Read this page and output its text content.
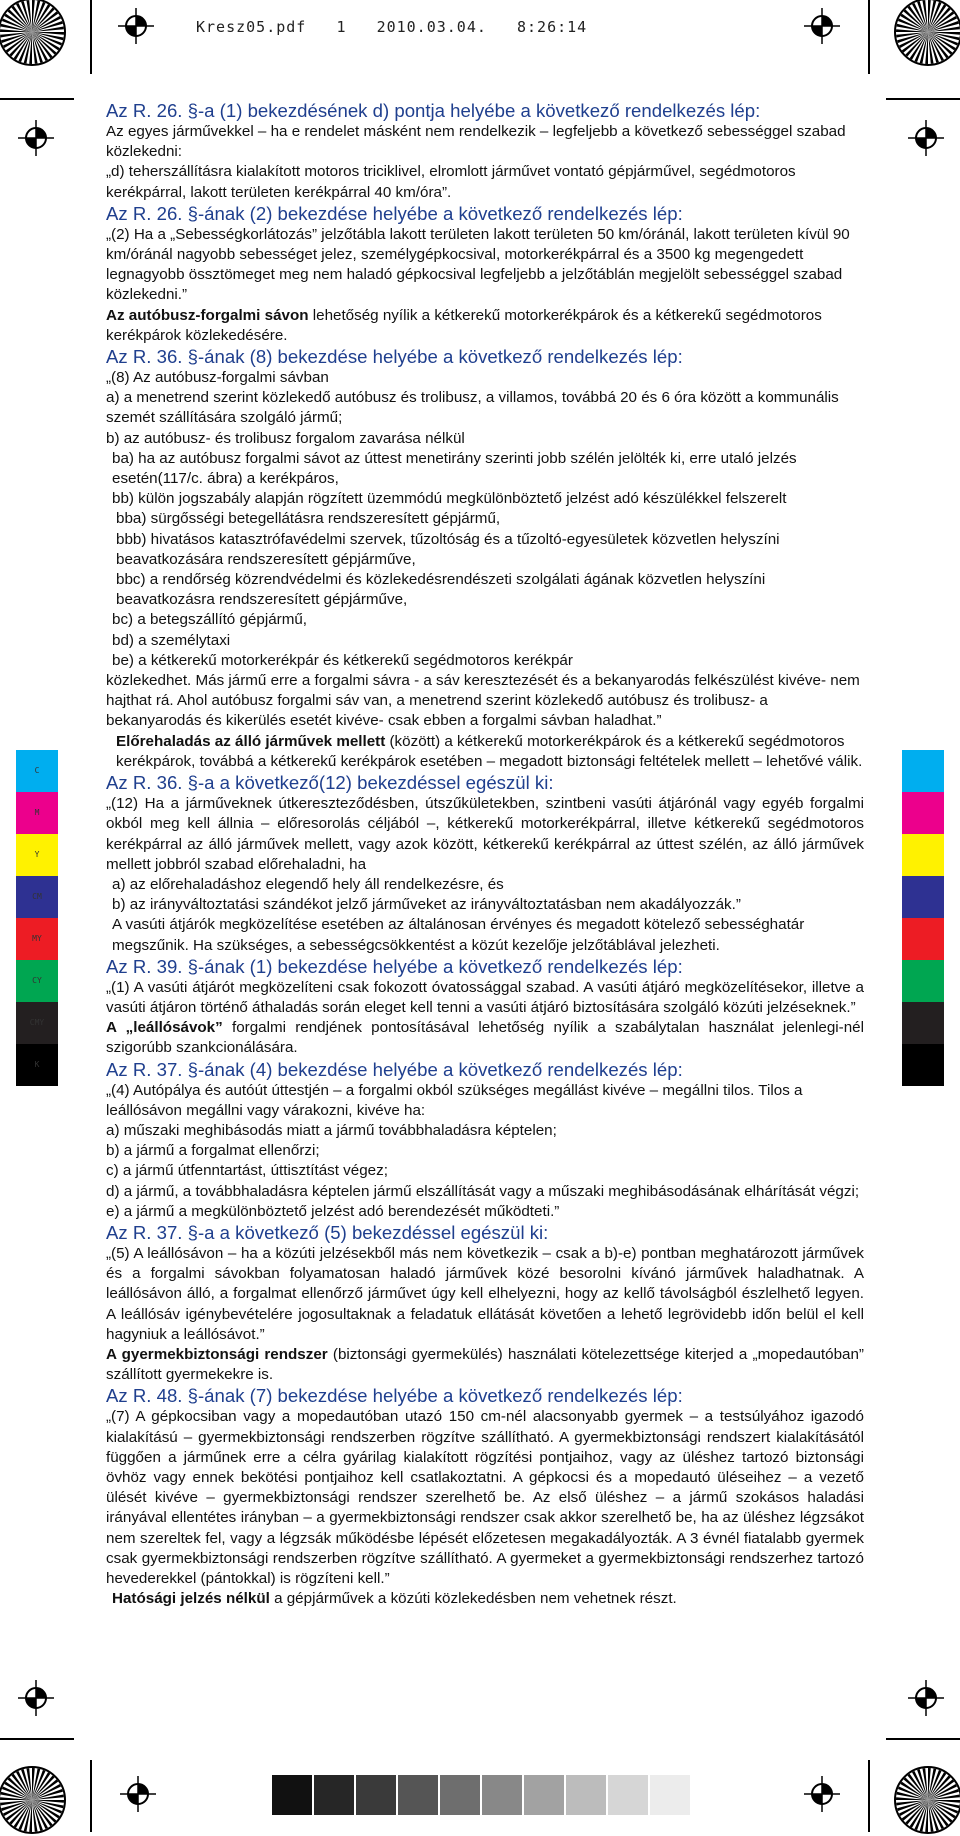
Kresz05.pdf 1 2010.03.04. 8:26:14
C
M
Y
CM
MY
CY
CMY
K
Az R. 26. §-a (1) bekezdésének d) pontja helyébe a következő rendelkezés lép:

Az egyes járművekkel – ha e rendelet másként nem rendelkezik – legfeljebb a következő sebességgel szabad közlekedni:

„d) teherszállításra kialakított motoros triciklivel, elromlott járművet vontató gépjárművel, segédmotoros kerékpárral, lakott területen kerékpárral 40 km/óra”.

Az R. 26. §-ának (2) bekezdése helyébe a következő rendelkezés lép:

„(2) Ha a „Sebességkorlátozás” jelzőtábla lakott területen lakott területen 50 km/óránál, lakott területen kívül 90 km/óránál nagyobb sebességet jelez, személygépkocsival, motorkerékpárral és a 3500 kg megengedett legnagyobb össztömeget meg nem haladó gépkocsival legfeljebb a jelzőtáblán megjelölt sebességgel szabad közlekedni.”

Az autóbusz-forgalmi sávon lehetőség nyílik a kétkerekű motorkerékpárok és a kétkerekű segédmotoros kerékpárok közlekedésére.

Az R. 36. §-ának (8) bekezdése helyébe a következő rendelkezés lép:

„(8) Az autóbusz-forgalmi sávban

a) a menetrend szerint közlekedő autóbusz és trolibusz, a villamos, továbbá 20 és 6 óra között a kommunális szemét szállítására szolgáló jármű;

b) az autóbusz- és trolibusz forgalom zavarása nélkül

ba) ha az autóbusz forgalmi sávot az úttest menetirány szerinti jobb szélén jelölték ki, erre utaló jelzés esetén(117/c. ábra) a kerékpáros,

bb) külön jogszabály alapján rögzített üzemmódú megkülönböztető jelzést adó készülékkel felszerelt

bba) sürgősségi betegellátásra rendszeresített gépjármű,

bbb) hivatásos katasztrófavédelmi szervek, tűzoltóság és a tűzoltó-egyesületek közvetlen helyszíni beavatkozására rendszeresített gépjárműve,

bbc) a rendőrség közrendvédelmi és közlekedésrendészeti szolgálati ágának közvetlen helyszíni beavatkozásra rendszeresített gépjárműve,

bc) a betegszállító gépjármű,

bd) a személytaxi

be) a kétkerekű motorkerékpár és kétkerekű segédmotoros kerékpár

közlekedhet. Más jármű erre a forgalmi sávra - a sáv keresztezését és a bekanyarodás felkészülést kivéve- nem hajthat rá. Ahol autóbusz forgalmi sáv van, a menetrend szerint közlekedő autóbusz és trolibusz- a bekanyarodás és kikerülés esetét kivéve- csak ebben a forgalmi sávban haladhat.”

Előrehaladás az álló járművek mellett (között) a kétkerekű motorkerékpárok és a kétkerekű segédmotoros kerékpárok, továbbá a kétkerekű kerékpárok esetében – megadott biztonsági feltételek mellett – lehetővé válik.

Az R. 36. §-a a következő(12) bekezdéssel egészül ki:

„(12) Ha a járműveknek útkereszteződésben, útszűkületekben, szintbeni vasúti átjárónál vagy egyéb forgalmi okból meg kell állnia – előresorolás céljából –, kétkerekű motorkerékpárral, illetve kétkerekű segédmotoros kerékpárral az álló járművek mellett, vagy azok között, kétkerekű kerékpárral az úttest szélén, az álló járművek mellett jobbról szabad előrehaladni, ha

a) az előrehaladáshoz elegendő hely áll rendelkezésre, és

b) az irányváltoztatási szándékot jelző járműveket az irányváltoztatásban nem akadályozzák.”

A vasúti átjárók megközelítése esetében az általánosan érvényes és megadott kötelező sebességhatár megszűnik. Ha szükséges, a sebességcsökkentést a közút kezelője jelzőtáblával jelezheti.

Az R. 39. §-ának (1) bekezdése helyébe a következő rendelkezés lép:

„(1) A vasúti átjárót megközelíteni csak fokozott óvatossággal szabad. A vasúti átjáró megközelítésekor, illetve a vasúti átjáron történő áthaladás során eleget kell tenni a vasúti átjáró biztosítására szolgáló közúti jelzéseknek.”

A „leállósávok” forgalmi rendjének pontosításával lehetőség nyílik a szabálytalan használat jelenlegi-nél szigorúbb szankcionálására.

Az R. 37. §-ának (4) bekezdése helyébe a következő rendelkezés lép:

„(4) Autópálya és autóút úttestjén – a forgalmi okból szükséges megállást kivéve – megállni tilos. Tilos a leállósávon megállni vagy várakozni, kivéve ha:

a) műszaki meghibásodás miatt a jármű továbbhaladásra képtelen;

b) a jármű a forgalmat ellenőrzi;

c) a jármű útfenntartást, úttisztítást végez;

d) a jármű, a továbbhaladásra képtelen jármű elszállítását vagy a műszaki meghibásodásának elhárítását végzi;

e) a jármű a megkülönböztető jelzést adó berendezését működteti.”

Az R. 37. §-a a következő (5) bekezdéssel egészül ki:

„(5) A leállósávon – ha a közúti jelzésekből más nem következik – csak a b)-e) pontban meghatározott járművek és a forgalmi sávokban folyamatosan haladó járművek közé besorolni kívánó járművek haladhatnak. A leállósávon álló, a forgalmat ellenőrző járművet úgy kell elhelyezni, hogy az kellő távolságból észlelhető legyen. A leállósáv igénybevételére jogosultaknak a feladatuk ellátását követően a lehető legrövidebb időn belül el kell hagyniuk a leállósávot.”

A gyermekbiztonsági rendszer (biztonsági gyermekülés) használati kötelezettsége kiterjed a „mopedautóban” szállított gyermekekre is.

Az R. 48. §-ának (7) bekezdése helyébe a következő rendelkezés lép:

„(7) A gépkocsiban vagy a mopedautóban utazó 150 cm-nél alacsonyabb gyermek – a testsúlyához igazodó kialakítású – gyermekbiztonsági rendszerben rögzítve szállítható. A gyermekbiztonsági rendszert kialakításától függően a járműnek erre a célra gyárilag kialakított rögzítési pontjaihoz, vagy az üléshez tartozó biztonsági övhöz vagy ennek bekötési pontjaihoz kell csatlakoztatni. A gépkocsi és a mopedautó üléseihez – a vezető ülését kivéve – gyermekbiztonsági rendszer szerelhető be. Az első üléshez – a jármű szokásos haladási irányával ellentétes irányban – a gyermekbiztonsági rendszer csak akkor szerelhető be, ha az üléshez légzsákot nem szereltek fel, vagy a légzsák működésbe lépését előzetesen megakadályozták. A 3 évnél fiatalabb gyermek csak gyermekbiztonsági rendszerben rögzítve szállítható. A gyermeket a gyermekbiztonsági rendszerhez tartozó hevederekkel (pántokkal) is rögzíteni kell.”

Hatósági jelzés nélkül a gépjárművek a közúti közlekedésben nem vehetnek részt.
